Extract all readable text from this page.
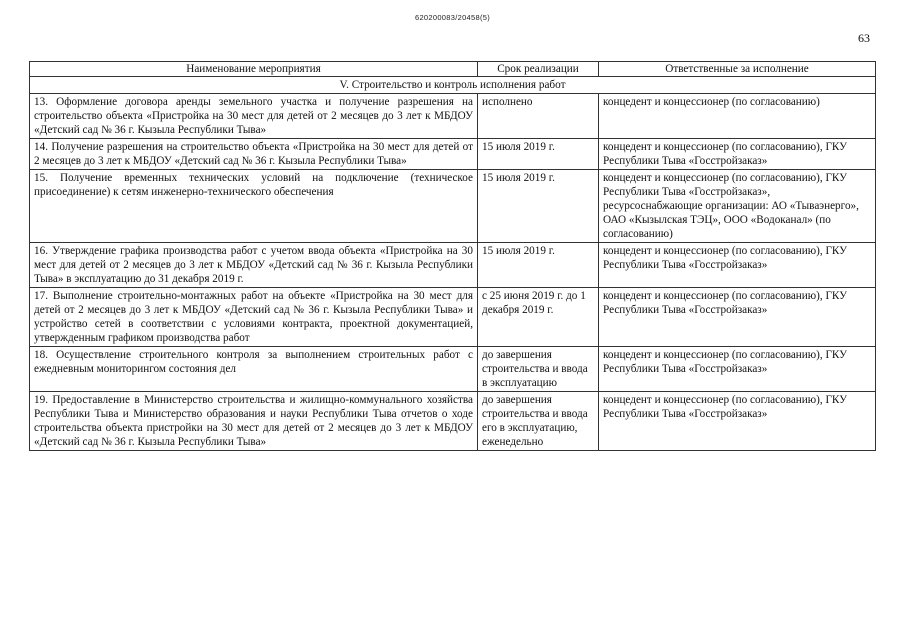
620200083/20458(5)
63
Наименование мероприятия	Срок реализации	Ответственные за исполнение
V. Строительство и контроль исполнения работ		
13. Оформление договора аренды земельного участка и получение разрешения на строительство объекта «Пристройка на 30 мест для детей от 2 месяцев до 3 лет к МБДОУ «Детский сад № 36 г. Кызыла Республики Тыва»	исполнено	концедент и концессионер (по согласованию)
14. Получение разрешения на строительство объекта «Пристройка на 30 мест для детей от 2 месяцев до 3 лет к МБДОУ «Детский сад № 36 г. Кызыла Республики Тыва»	15 июля 2019 г.	концедент и концессионер (по согласованию), ГКУ Республики Тыва «Госстройзаказ»
15. Получение временных технических условий на подключение (техническое присоединение) к сетям инженерно-технического обеспечения	15 июля 2019 г.	концедент и концессионер (по согласованию), ГКУ Республики Тыва «Госстройзаказ», ресурсоснабжающие организации: АО «Тываэнерго», ОАО «Кызылская ТЭЦ», ООО «Водоканал» (по согласованию)
16. Утверждение графика производства работ с учетом ввода объекта «Пристройка на 30 мест для детей от 2 месяцев до 3 лет к МБДОУ «Детский сад № 36 г. Кызыла Республики Тыва» в эксплуатацию до 31 декабря 2019 г.	15 июля 2019 г.	концедент и концессионер (по согласованию), ГКУ Республики Тыва «Госстройзаказ»
17. Выполнение строительно-монтажных работ на объекте «Пристройка на 30 мест для детей от 2 месяцев до 3 лет к МБДОУ «Детский сад № 36 г. Кызыла Республики Тыва» и устройство сетей в соответствии с условиями контракта, проектной документацией, утвержденным графиком производства работ	с 25 июня 2019 г. до 1 декабря 2019 г.	концедент и концессионер (по согласованию), ГКУ Республики Тыва «Госстройзаказ»
18. Осуществление строительного контроля за выполнением строительных работ с ежедневным мониторингом состояния дел	до завершения строительства и ввода в эксплуатацию	концедент и концессионер (по согласованию), ГКУ Республики Тыва «Госстройзаказ»
19. Предоставление в Министерство строительства и жилищно-коммунального хозяйства Республики Тыва и Министерство образования и науки Республики Тыва отчетов о ходе строительства объекта пристройки на 30 мест для детей от 2 месяцев до 3 лет к МБДОУ «Детский сад № 36 г. Кызыла Республики Тыва»	до завершения строительства и ввода его в эксплуатацию, еженедельно	концедент и концессионер (по согласованию), ГКУ Республики Тыва «Госстройзаказ»
